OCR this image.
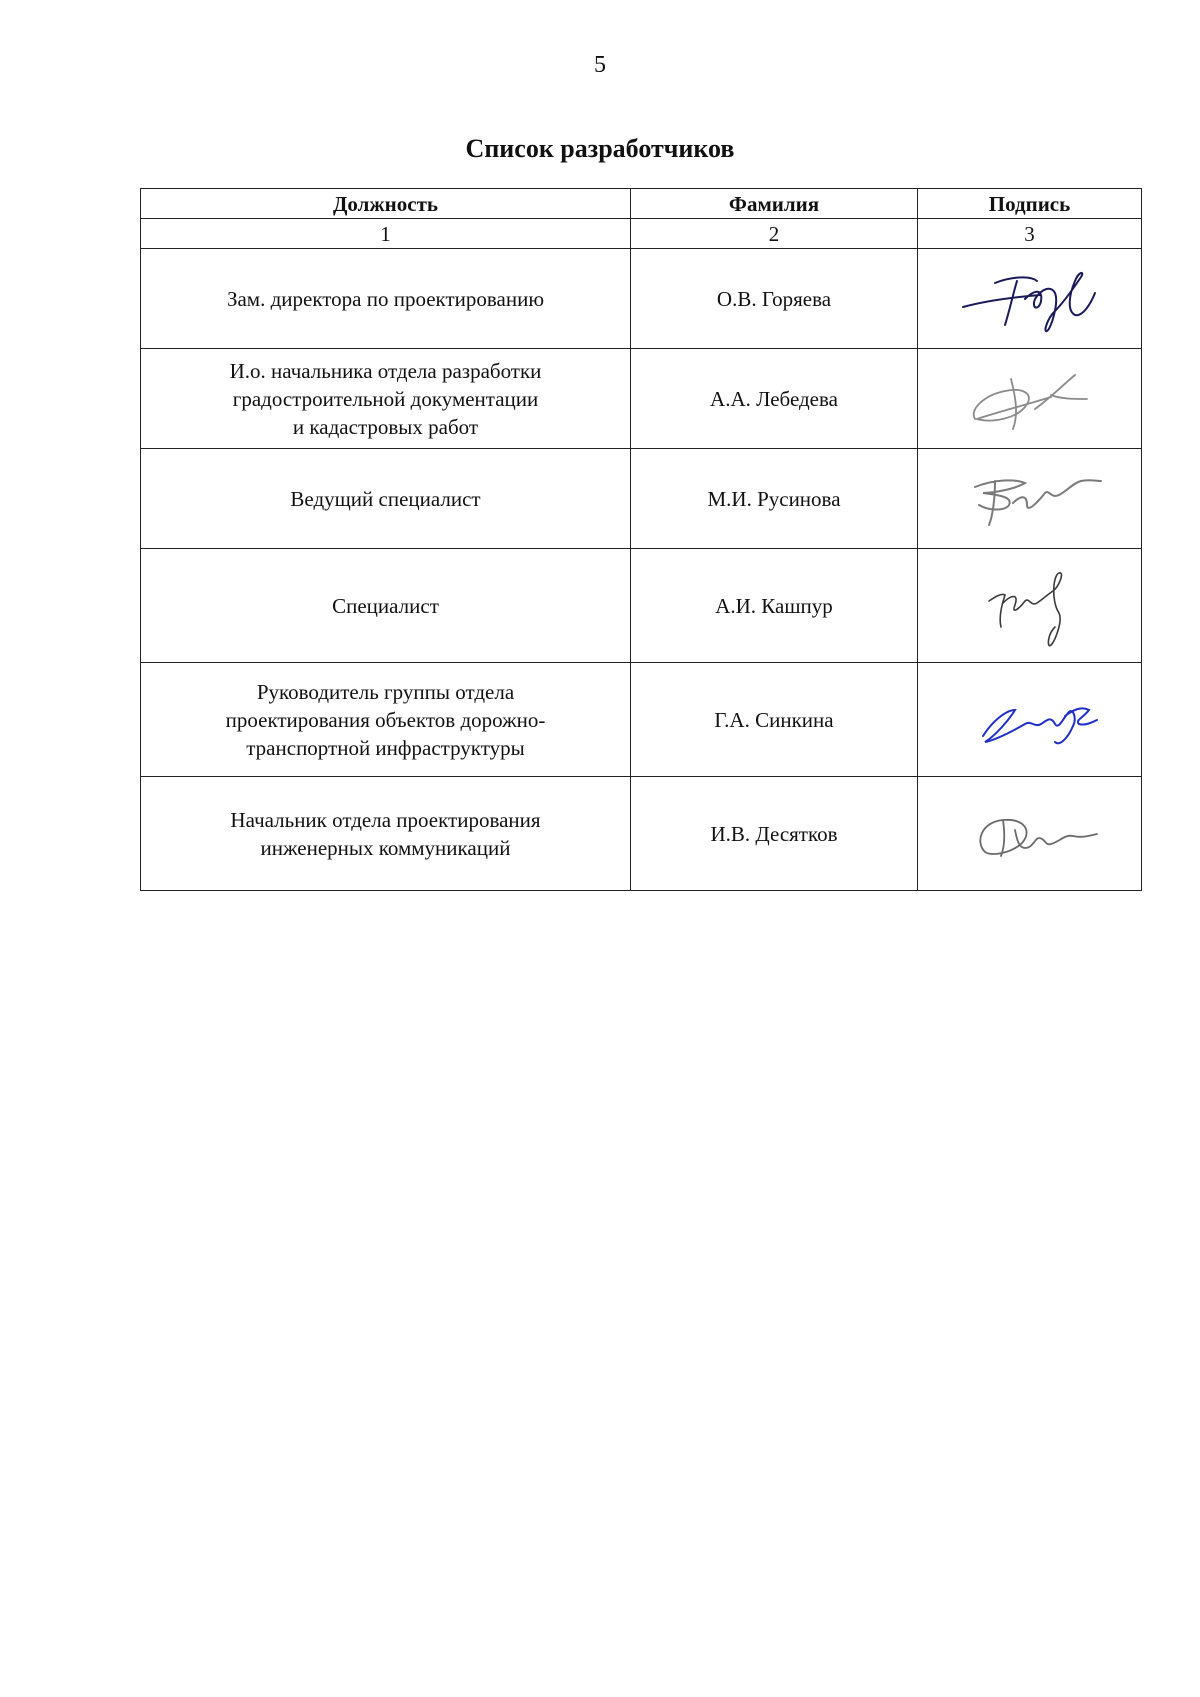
5
Список разработчиков
Должность	Фамилия	Подпись
1	2	3
Зам. директора по проектированию	О.В. Горяева	

И.о. начальника отдела разработки
градостроительной документации
и кадастровых работ	А.А. Лебедева	

Ведущий специалист	М.И. Русинова	

Специалист	А.И. Кашпур	

Руководитель группы отдела
проектирования объектов дорожно-
транспортной инфраструктуры	Г.А. Синкина	

Начальник отдела проектирования
инженерных коммуникаций	И.В. Десятков	
